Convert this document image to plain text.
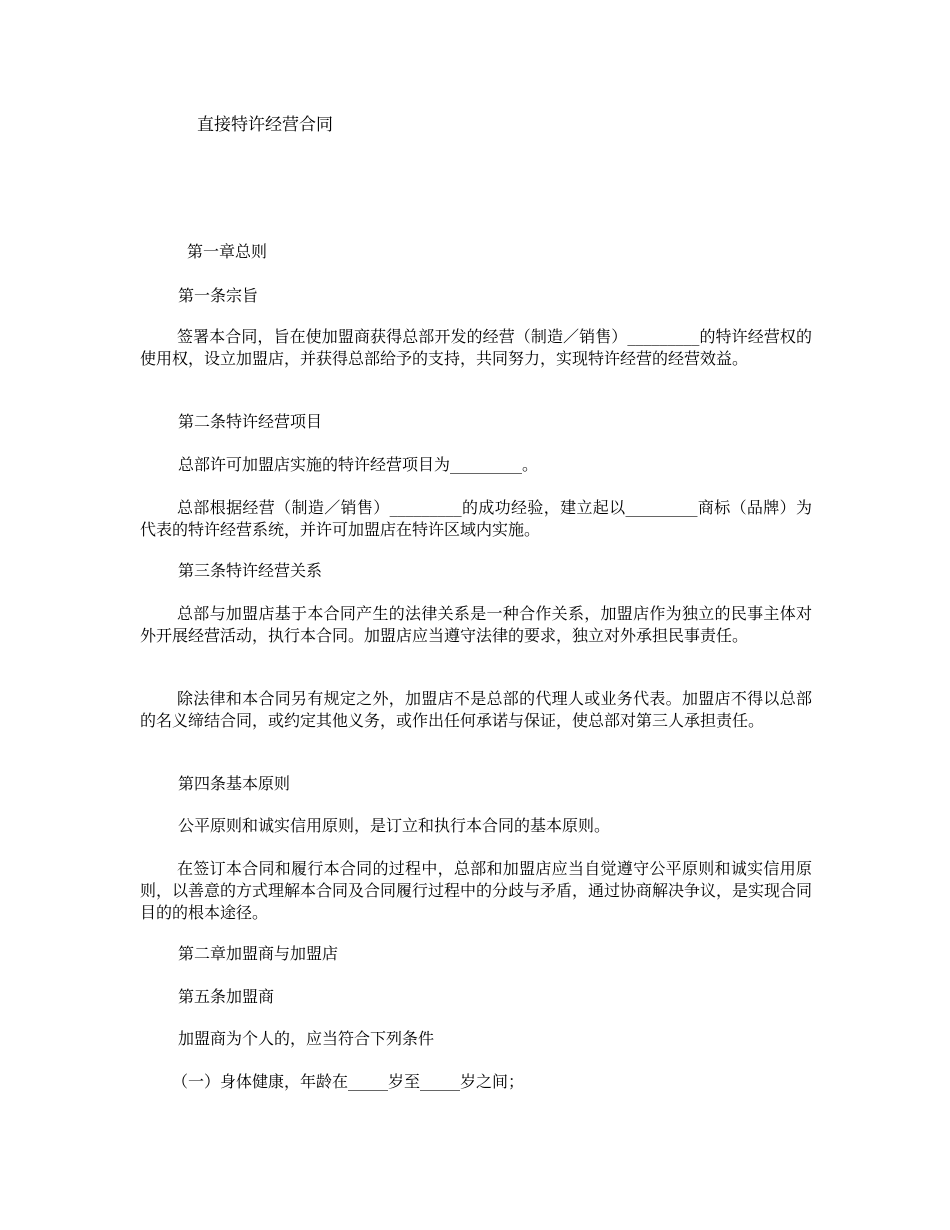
直接特许经营合同
第一章总则
第一条宗旨
签署本合同，旨在使加盟商获得总部开发的经营（制造／销售）_________的特许经营权的使用权，设立加盟店，并获得总部给予的支持，共同努力，实现特许经营的经营效益。
第二条特许经营项目
总部许可加盟店实施的特许经营项目为_________。
总部根据经营（制造／销售）_________的成功经验，建立起以_________商标（品牌）为代表的特许经营系统，并许可加盟店在特许区域内实施。
第三条特许经营关系
总部与加盟店基于本合同产生的法律关系是一种合作关系，加盟店作为独立的民事主体对外开展经营活动，执行本合同。加盟店应当遵守法律的要求，独立对外承担民事责任。
除法律和本合同另有规定之外，加盟店不是总部的代理人或业务代表。加盟店不得以总部的名义缔结合同，或约定其他义务，或作出任何承诺与保证，使总部对第三人承担责任。
第四条基本原则
公平原则和诚实信用原则，是订立和执行本合同的基本原则。
在签订本合同和履行本合同的过程中，总部和加盟店应当自觉遵守公平原则和诚实信用原则，以善意的方式理解本合同及合同履行过程中的分歧与矛盾，通过协商解决争议，是实现合同目的的根本途径。
第二章加盟商与加盟店
第五条加盟商
加盟商为个人的，应当符合下列条件
（一）身体健康，年龄在_____岁至_____岁之间；
